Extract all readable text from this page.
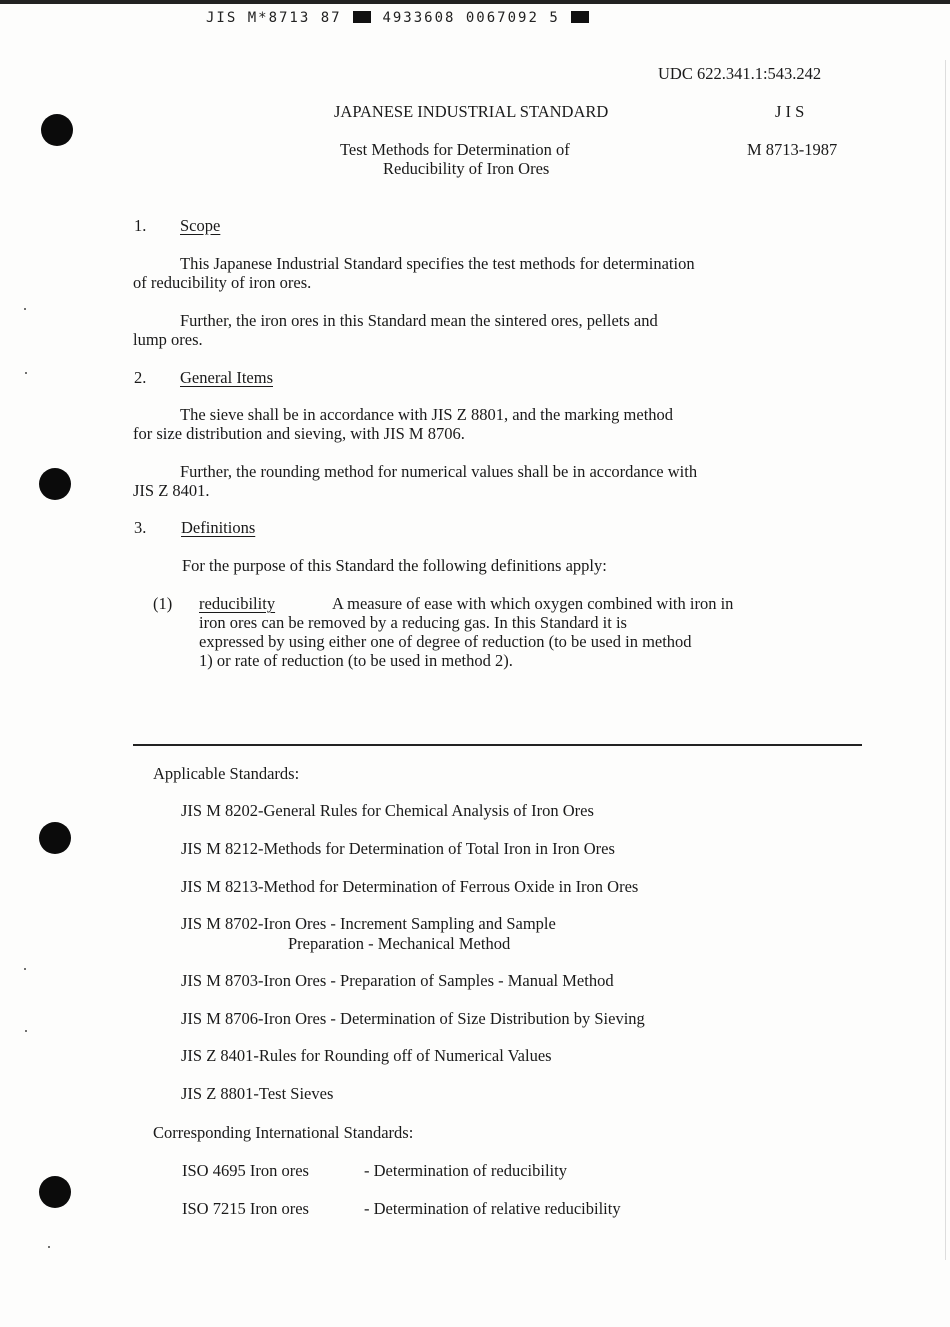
JIS M*8713 87	4933608 0067092 5
UDC 622.341.1:543.242
JAPANESE INDUSTRIAL STANDARD	J I S
Test Methods for Determination of
Reducibility of Iron Ores
M 8713-1987
1. Scope
This Japanese Industrial Standard specifies the test methods for determination
of reducibility of iron ores.
Further, the iron ores in this Standard mean the sintered ores, pellets and
lump ores.
2. General Items
The sieve shall be in accordance with JIS Z 8801, and the marking method
for size distribution and sieving, with JIS M 8706.
Further, the rounding method for numerical values shall be in accordance with
JIS Z 8401.
3. Definitions
For the purpose of this Standard the following definitions apply:
(1) reducibility	A measure of ease with which oxygen combined with iron in
iron ores can be removed by a reducing gas. In this Standard it is
expressed by using either one of degree of reduction (to be used in method
1) or rate of reduction (to be used in method 2).
Applicable Standards:
JIS M 8202-General Rules for Chemical Analysis of Iron Ores
JIS M 8212-Methods for Determination of Total Iron in Iron Ores
JIS M 8213-Method for Determination of Ferrous Oxide in Iron Ores
JIS M 8702-Iron Ores - Increment Sampling and Sample
Preparation - Mechanical Method
JIS M 8703-Iron Ores - Preparation of Samples - Manual Method
JIS M 8706-Iron Ores - Determination of Size Distribution by Sieving
JIS Z 8401-Rules for Rounding off of Numerical Values
JIS Z 8801-Test Sieves
Corresponding International Standards:
ISO 4695 Iron ores	- Determination of reducibility
ISO 7215 Iron ores	- Determination of relative reducibility
